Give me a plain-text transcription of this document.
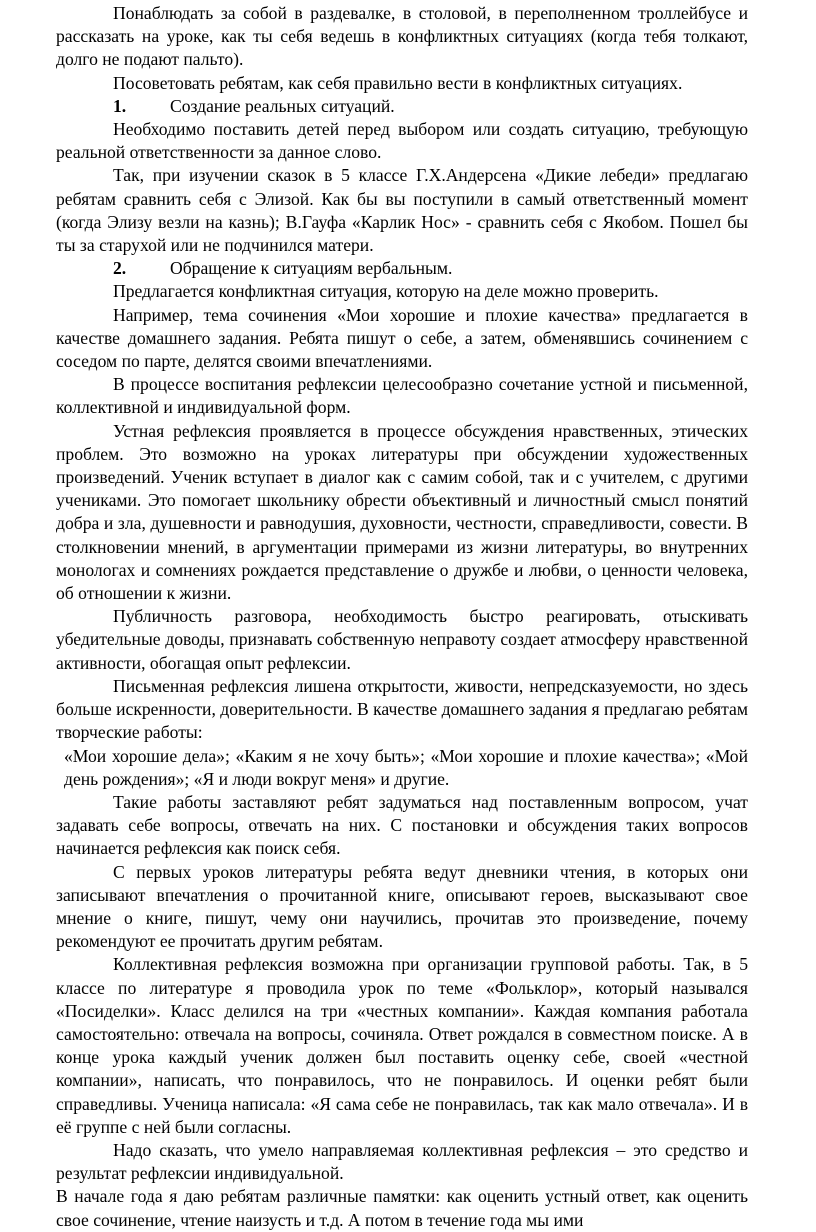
Понаблюдать за собой в раздевалке, в столовой, в переполненном троллейбусе и рассказать на уроке, как ты себя ведешь в конфликтных ситуациях (когда тебя толкают, долго не подают пальто).

Посоветовать ребятам, как себя правильно вести в конфликтных ситуациях.

1.	Создание реальных ситуаций.

Необходимо поставить детей перед выбором или создать ситуацию, требующую реальной ответственности за данное слово.

Так, при изучении сказок в 5 классе Г.Х.Андерсена «Дикие лебеди» предлагаю ребятам сравнить себя с Элизой. Как бы вы поступили в самый ответственный момент (когда Элизу везли на казнь); В.Гауфа «Карлик Нос» - сравнить себя с Якобом. Пошел бы ты за старухой или не подчинился матери.

2.	Обращение к ситуациям вербальным.

Предлагается конфликтная ситуация, которую на деле можно проверить.

Например, тема сочинения «Мои хорошие и плохие качества» предлагается в качестве домашнего задания. Ребята пишут о себе, а затем, обменявшись сочинением с соседом по парте, делятся своими впечатлениями.

В процессе воспитания рефлексии целесообразно сочетание устной и письменной, коллективной и индивидуальной форм.

Устная рефлексия проявляется в процессе обсуждения нравственных, этических проблем. Это возможно на уроках литературы при обсуждении художественных произведений. Ученик вступает в диалог как с самим собой, так и с учителем, с другими учениками. Это помогает школьнику обрести объективный и личностный смысл понятий добра и зла, душевности и равнодушия, духовности, честности, справедливости, совести. В столкновении мнений, в аргументации примерами из жизни литературы, во внутренних монологах и сомнениях рождается представление о дружбе и любви, о ценности человека, об отношении к жизни.

Публичность разговора, необходимость быстро реагировать, отыскивать убедительные доводы, признавать собственную неправоту создает атмосферу нравственной активности, обогащая опыт рефлексии.

Письменная рефлексия лишена открытости, живости, непредсказуемости, но здесь больше искренности, доверительности. В качестве домашнего задания я предлагаю ребятам творческие работы:

«Мои хорошие дела»; «Каким я не хочу быть»; «Мои хорошие и плохие качества»; «Мой день рождения»; «Я и люди вокруг меня» и другие.

Такие работы заставляют ребят задуматься над поставленным вопросом, учат задавать себе вопросы, отвечать на них. С постановки и обсуждения таких вопросов начинается рефлексия как поиск себя.

С первых уроков литературы ребята ведут дневники чтения, в которых они записывают впечатления о прочитанной книге, описывают героев, высказывают свое мнение о книге, пишут, чему они научились, прочитав это произведение, почему рекомендуют ее прочитать другим ребятам.

Коллективная рефлексия возможна при организации групповой работы. Так, в 5 классе по литературе я проводила урок по теме «Фольклор», который назывался «Посиделки». Класс делился на три «честных компании». Каждая компания работала самостоятельно: отвечала на вопросы, сочиняла. Ответ рождался в совместном поиске. А в конце урока каждый ученик должен был поставить оценку себе, своей «честной компании», написать, что понравилось, что не понравилось. И оценки ребят были справедливы. Ученица написала: «Я сама себе не понравилась, так как мало отвечала». И в её группе с ней были согласны.

Надо сказать, что умело направляемая коллективная рефлексия – это средство и результат рефлексии индивидуальной.

В начале года я даю ребятам различные памятки: как оценить устный ответ, как оценить свое сочинение, чтение наизусть и т.д. А потом в течение года мы ими
